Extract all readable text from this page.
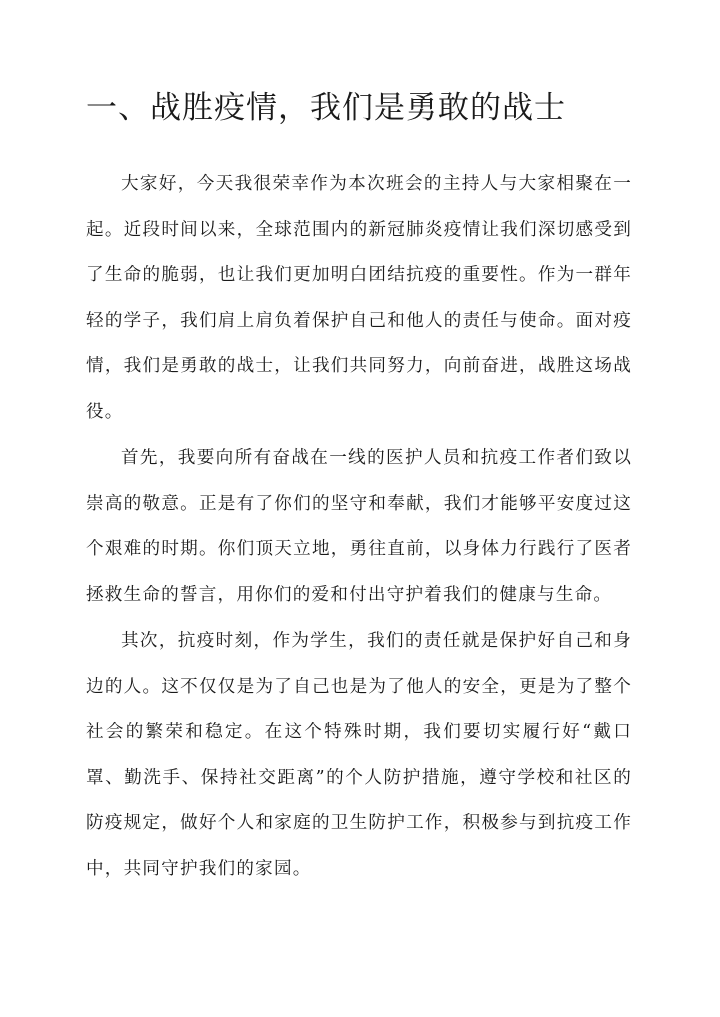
一、战胜疫情，我们是勇敢的战士

大家好，今天我很荣幸作为本次班会的主持人与大家相聚在一起。近段时间以来，全球范围内的新冠肺炎疫情让我们深切感受到了生命的脆弱，也让我们更加明白团结抗疫的重要性。作为一群年轻的学子，我们肩上肩负着保护自己和他人的责任与使命。面对疫情，我们是勇敢的战士，让我们共同努力，向前奋进，战胜这场战役。

首先，我要向所有奋战在一线的医护人员和抗疫工作者们致以崇高的敬意。正是有了你们的坚守和奉献，我们才能够平安度过这个艰难的时期。你们顶天立地，勇往直前，以身体力行践行了医者拯救生命的誓言，用你们的爱和付出守护着我们的健康与生命。

其次，抗疫时刻，作为学生，我们的责任就是保护好自己和身边的人。这不仅仅是为了自己也是为了他人的安全，更是为了整个社会的繁荣和稳定。在这个特殊时期，我们要切实履行好“戴口罩、勤洗手、保持社交距离”的个人防护措施，遵守学校和社区的防疫规定，做好个人和家庭的卫生防护工作，积极参与到抗疫工作中，共同守护我们的家园。
